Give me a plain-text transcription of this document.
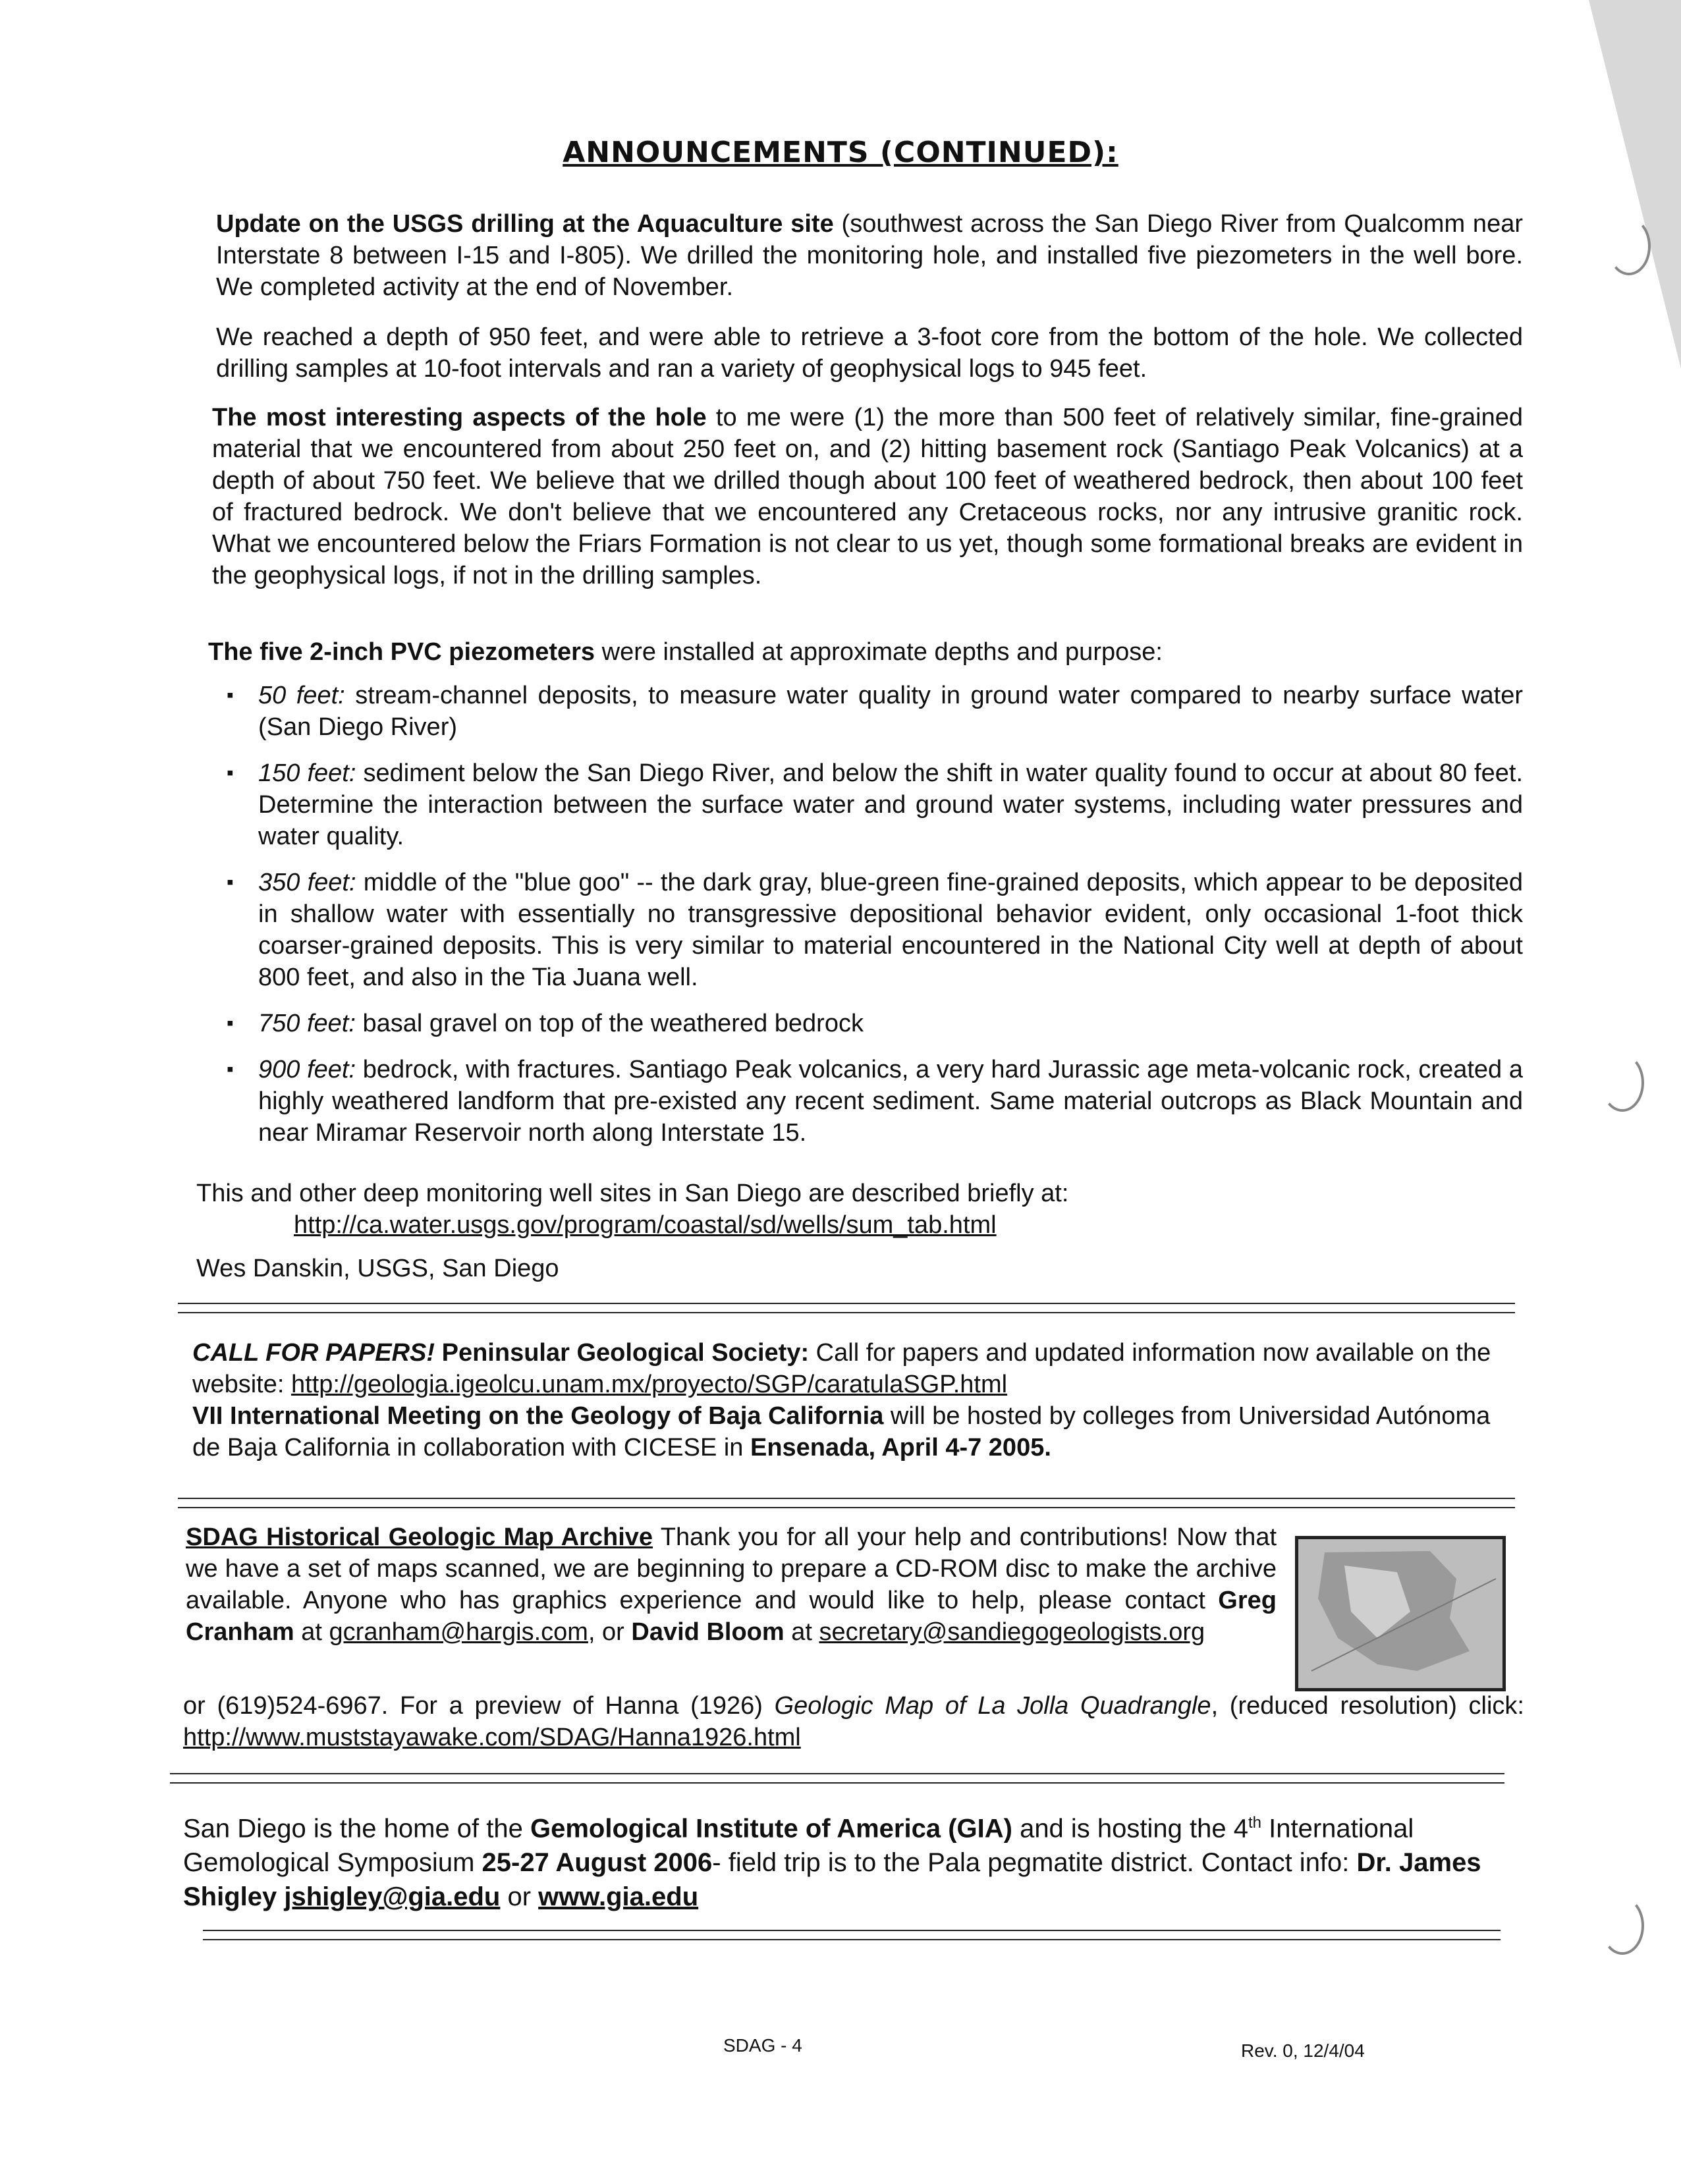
ANNOUNCEMENTS (CONTINUED):
Update on the USGS drilling at the Aquaculture site (southwest across the San Diego River from Qualcomm near Interstate 8 between I-15 and I-805). We drilled the monitoring hole, and installed five piezometers in the well bore. We completed activity at the end of November.
We reached a depth of 950 feet, and were able to retrieve a 3-foot core from the bottom of the hole. We collected drilling samples at 10-foot intervals and ran a variety of geophysical logs to 945 feet.
The most interesting aspects of the hole to me were (1) the more than 500 feet of relatively similar, fine-grained material that we encountered from about 250 feet on, and (2) hitting basement rock (Santiago Peak Volcanics) at a depth of about 750 feet. We believe that we drilled though about 100 feet of weathered bedrock, then about 100 feet of fractured bedrock. We don't believe that we encountered any Cretaceous rocks, nor any intrusive granitic rock. What we encountered below the Friars Formation is not clear to us yet, though some formational breaks are evident in the geophysical logs, if not in the drilling samples.
The five 2-inch PVC piezometers were installed at approximate depths and purpose:
▪ 50 feet: stream-channel deposits, to measure water quality in ground water compared to nearby surface water (San Diego River)
▪ 150 feet: sediment below the San Diego River, and below the shift in water quality found to occur at about 80 feet. Determine the interaction between the surface water and ground water systems, including water pressures and water quality.
▪ 350 feet: middle of the "blue goo" -- the dark gray, blue-green fine-grained deposits, which appear to be deposited in shallow water with essentially no transgressive depositional behavior evident, only occasional 1-foot thick coarser-grained deposits. This is very similar to material encountered in the National City well at depth of about 800 feet, and also in the Tia Juana well.
▪ 750 feet: basal gravel on top of the weathered bedrock
▪ 900 feet: bedrock, with fractures. Santiago Peak volcanics, a very hard Jurassic age meta-volcanic rock, created a highly weathered landform that pre-existed any recent sediment. Same material outcrops as Black Mountain and near Miramar Reservoir north along Interstate 15.
This and other deep monitoring well sites in San Diego are described briefly at:
http://ca.water.usgs.gov/program/coastal/sd/wells/sum_tab.html
Wes Danskin, USGS, San Diego
CALL FOR PAPERS! Peninsular Geological Society: Call for papers and updated information now available on the website: http://geologia.igeolcu.unam.mx/proyecto/SGP/caratulaSGP.html
VII International Meeting on the Geology of Baja California will be hosted by colleges from Universidad Autónoma de Baja California in collaboration with CICESE in Ensenada, April 4-7 2005.
SDAG Historical Geologic Map Archive Thank you for all your help and contributions! Now that we have a set of maps scanned, we are beginning to prepare a CD-ROM disc to make the archive available. Anyone who has graphics experience and would like to help, please contact Greg Cranham at gcranham@hargis.com, or David Bloom at secretary@sandiegogeologists.org
or (619)524-6967. For a preview of Hanna (1926) Geologic Map of La Jolla Quadrangle, (reduced resolution) click: http://www.muststayawake.com/SDAG/Hanna1926.html
San Diego is the home of the Gemological Institute of America (GIA) and is hosting the 4th International Gemological Symposium 25-27 August 2006- field trip is to the Pala pegmatite district. Contact info: Dr. James Shigley jshigley@gia.edu or www.gia.edu
SDAG - 4	Rev. 0, 12/4/04
